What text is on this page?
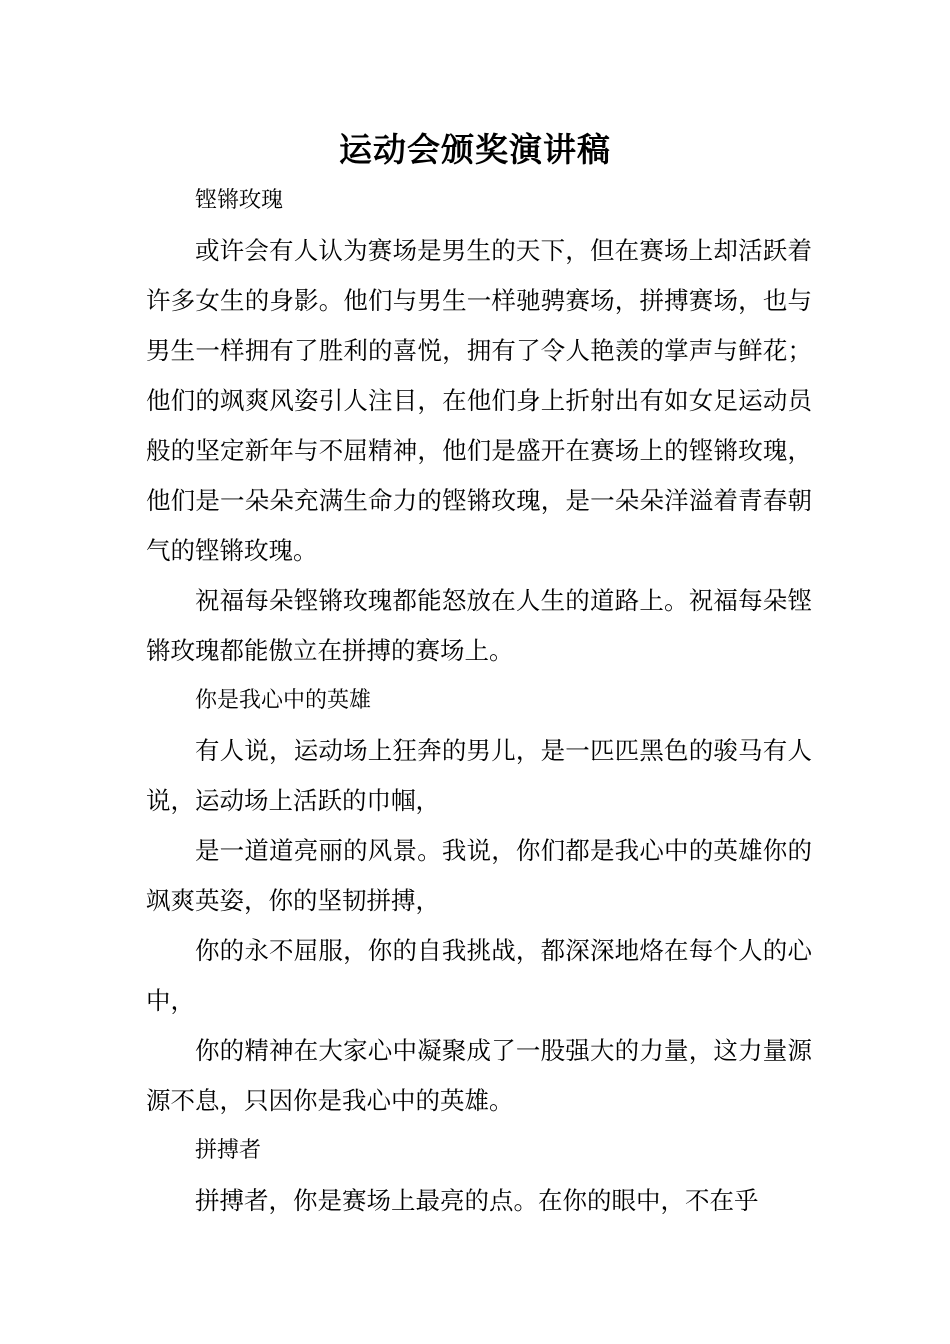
运动会颁奖演讲稿

铿锵玫瑰

或许会有人认为赛场是男生的天下，但在赛场上却活跃着许多女生的身影。他们与男生一样驰骋赛场，拼搏赛场，也与男生一样拥有了胜利的喜悦，拥有了令人艳羡的掌声与鲜花；他们的飒爽风姿引人注目，在他们身上折射出有如女足运动员般的坚定新年与不屈精神，他们是盛开在赛场上的铿锵玫瑰，他们是一朵朵充满生命力的铿锵玫瑰，是一朵朵洋溢着青春朝气的铿锵玫瑰。

祝福每朵铿锵玫瑰都能怒放在人生的道路上。祝福每朵铿锵玫瑰都能傲立在拼搏的赛场上。

你是我心中的英雄

有人说，运动场上狂奔的男儿，是一匹匹黑色的骏马有人说，运动场上活跃的巾帼，

是一道道亮丽的风景。我说，你们都是我心中的英雄你的飒爽英姿，你的坚韧拼搏，

你的永不屈服，你的自我挑战，都深深地烙在每个人的心中，

你的精神在大家心中凝聚成了一股强大的力量，这力量源源不息，只因你是我心中的英雄。

拼搏者

拼搏者，你是赛场上最亮的点。在你的眼中，不在乎
